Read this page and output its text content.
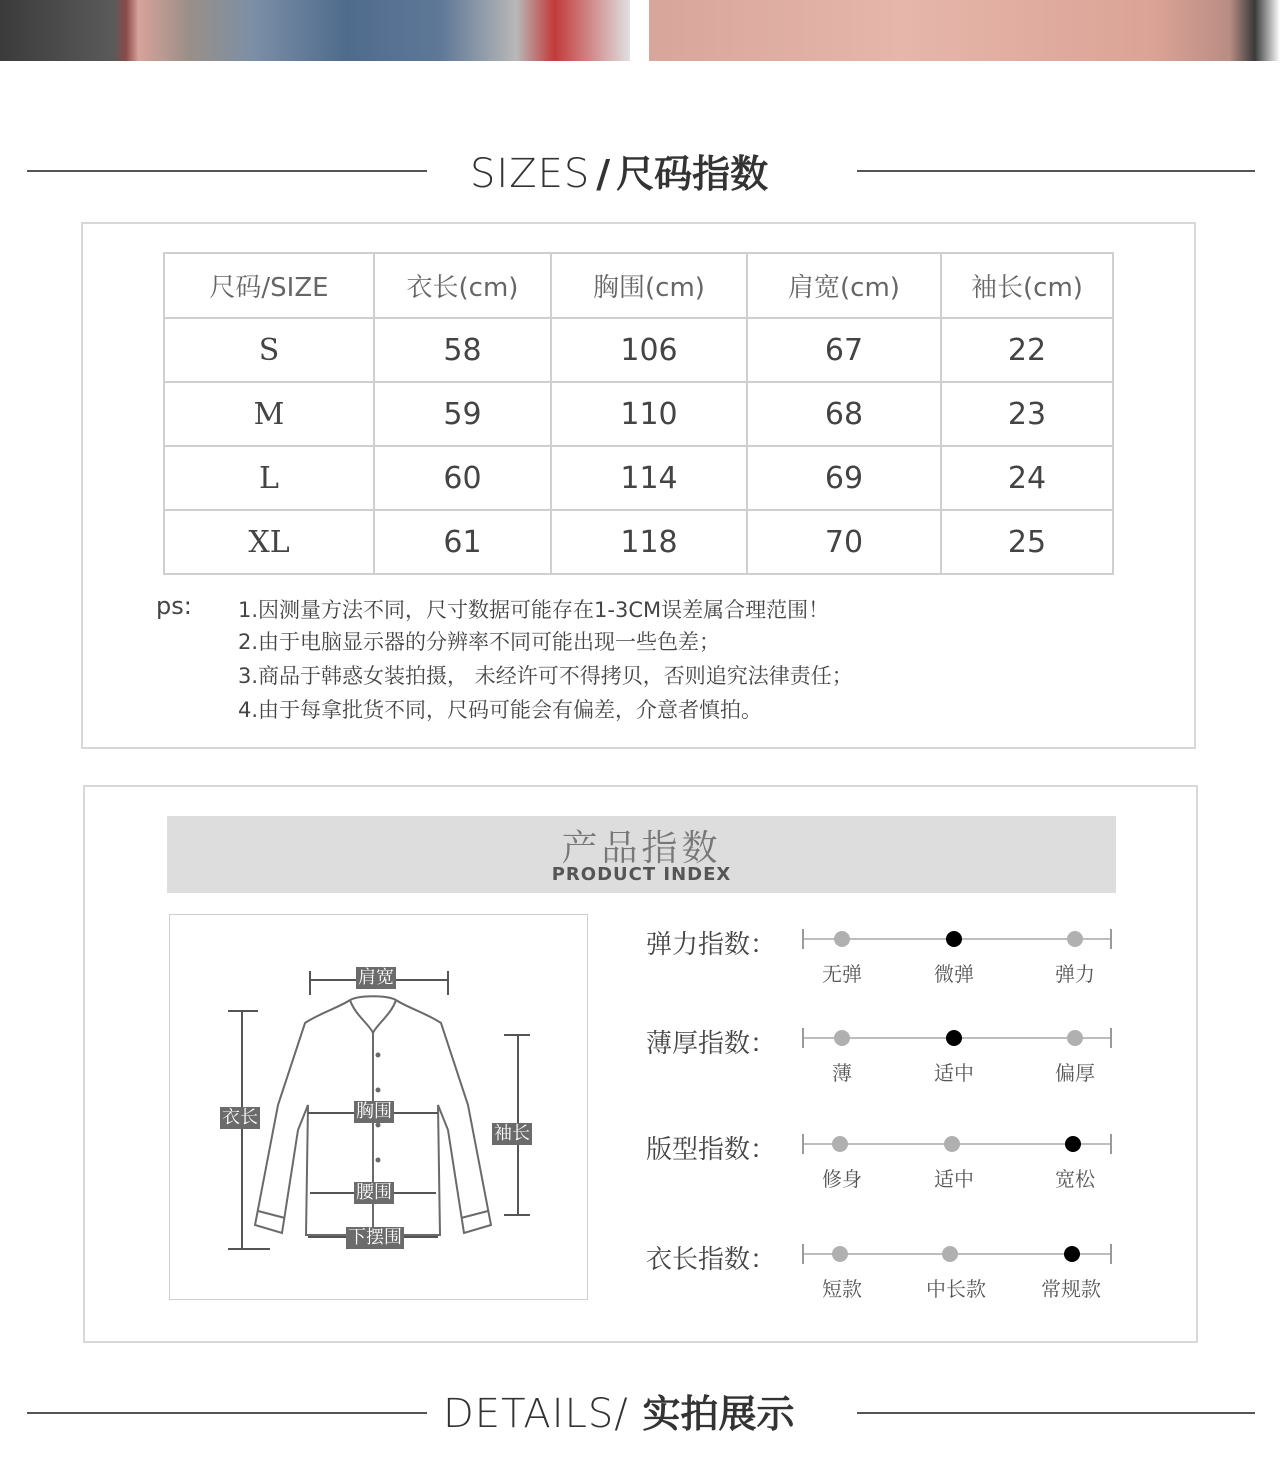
SIZES / 尺码指数
尺码/SIZE	衣长(cm)	胸围(cm)	肩宽(cm)	袖长(cm)
S	58	106	67	22
M	59	110	68	23
L	60	114	69	24
XL	61	118	70	25
ps: 1.因测量方法不同，尺寸数据可能存在1-3CM误差属合理范围！
2.由于电脑显示器的分辨率不同可能出现一些色差；
3.商品于韩惑女装拍摄， 未经许可不得拷贝，否则追究法律责任；
4.由于每拿批货不同，尺码可能会有偏差，介意者慎拍。
产品指数
PRODUCT INDEX
肩宽
衣长	胸围
袖长
腰围
下摆围
弹力指数：
无弹	微弹	弹力
薄厚指数：
薄	适中	偏厚
版型指数：
修身	适中	宽松
衣长指数：
短款	中长款	常规款
DETAILS/ 实拍展示
